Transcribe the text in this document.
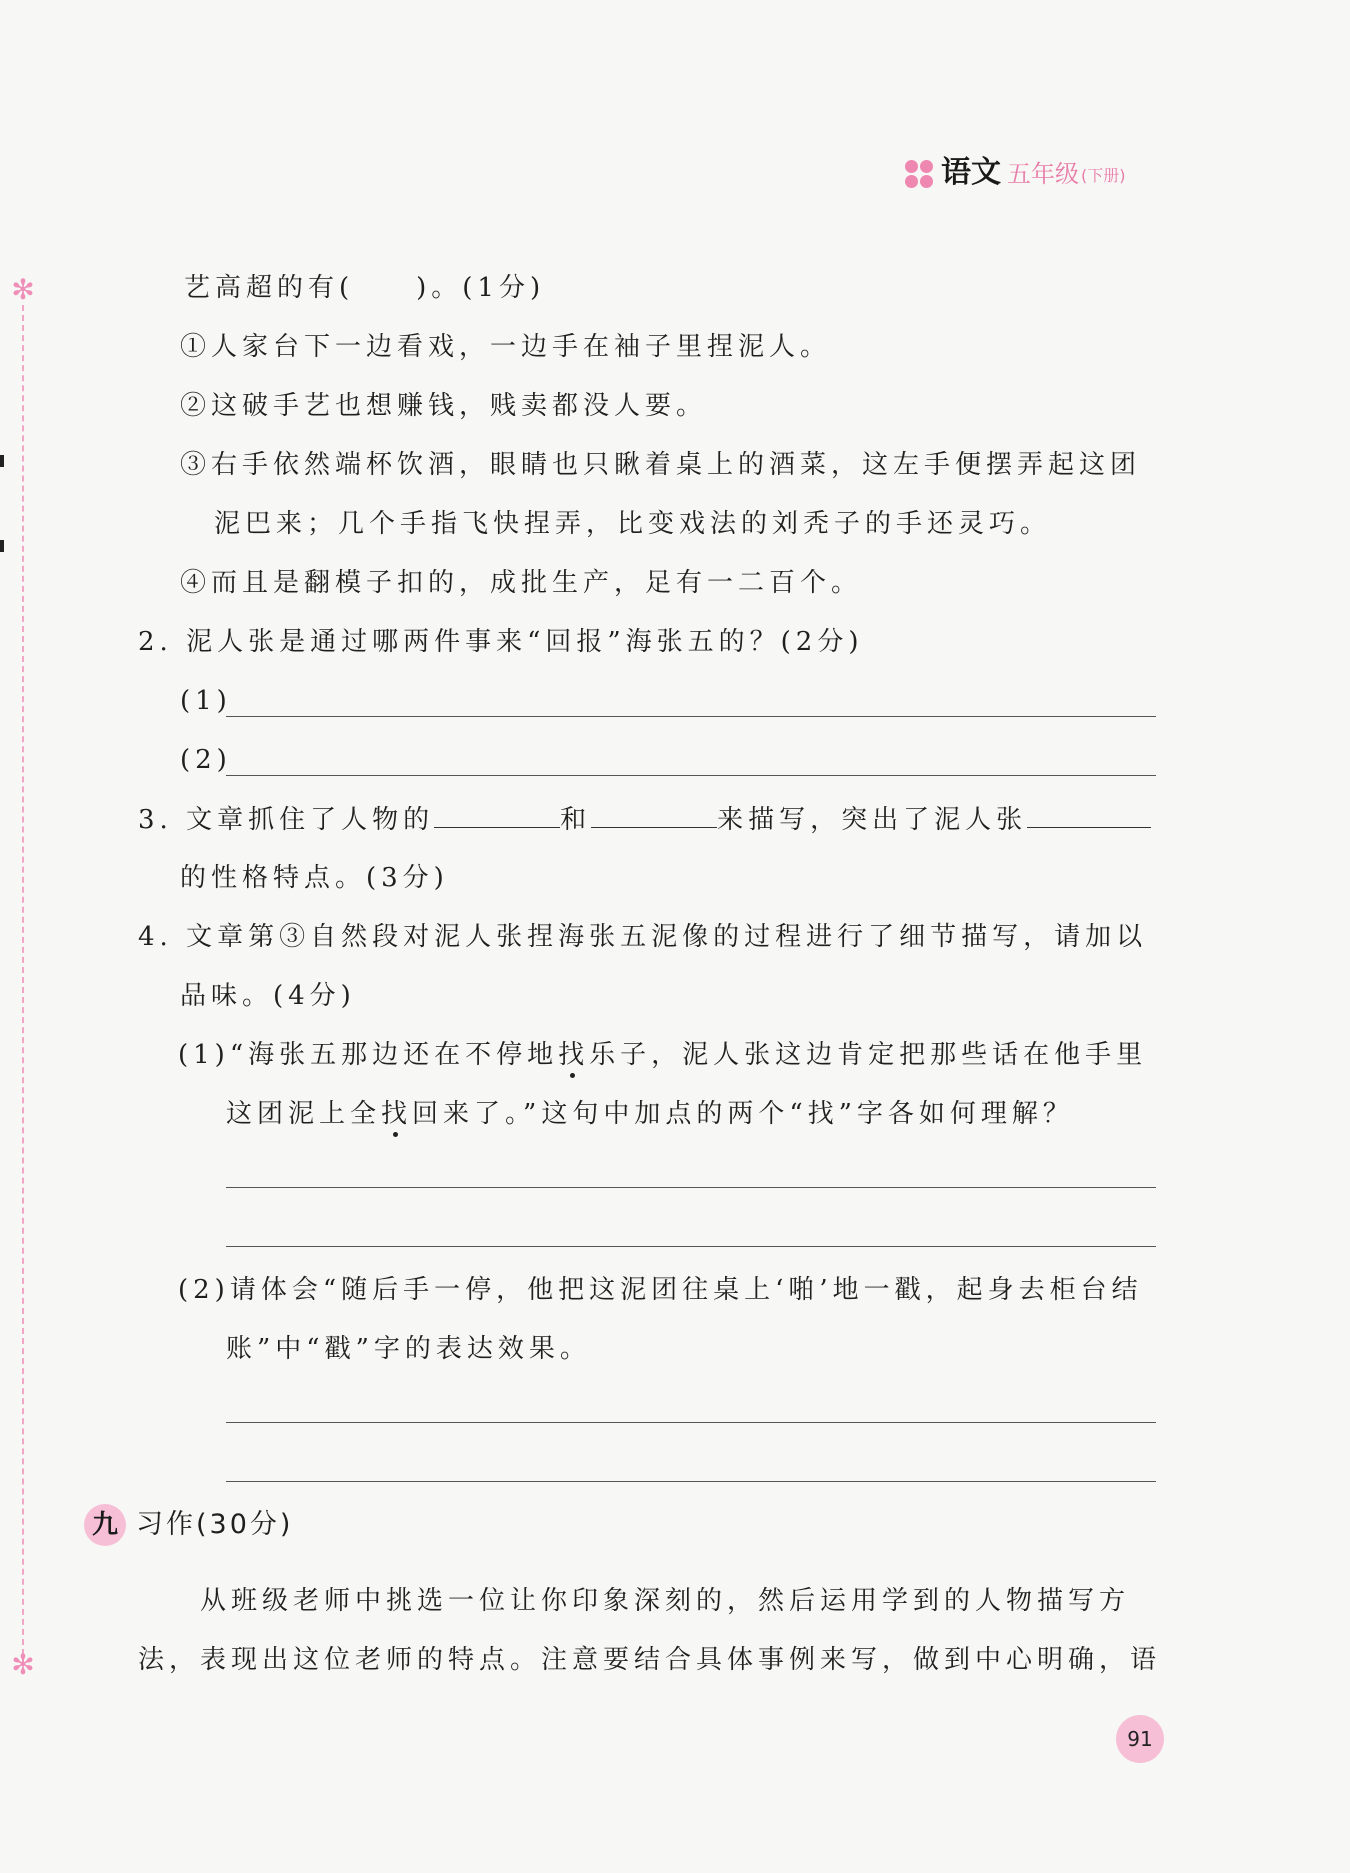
语文 五年级 (下册)
✻
✻
艺高超的有(　　)。(1分)
①人家台下一边看戏，一边手在袖子里捏泥人。
②这破手艺也想赚钱，贱卖都没人要。
③右手依然端杯饮酒，眼睛也只瞅着桌上的酒菜，这左手便摆弄起这团
泥巴来；几个手指飞快捏弄，比变戏法的刘秃子的手还灵巧。
④而且是翻模子扣的，成批生产，足有一二百个。
2. 泥人张是通过哪两件事来“回报”海张五的？(2分)
(1)
(2)
3. 文章抓住了人物的	和	来描写，突出了泥人张
的性格特点。(3分)
4. 文章第③自然段对泥人张捏海张五泥像的过程进行了细节描写，请加以
品味。(4分)
(1)“海张五那边还在不停地找乐子，泥人张这边肯定把那些话在他手里
这团泥上全找回来了。”这句中加点的两个“找”字各如何理解？
(2)请体会“随后手一停，他把这泥团往桌上‘啪’地一戳，起身去柜台结
账”中“戳”字的表达效果。
九 习作(30分)
从班级老师中挑选一位让你印象深刻的，然后运用学到的人物描写方
法，表现出这位老师的特点。注意要结合具体事例来写，做到中心明确，语
91
